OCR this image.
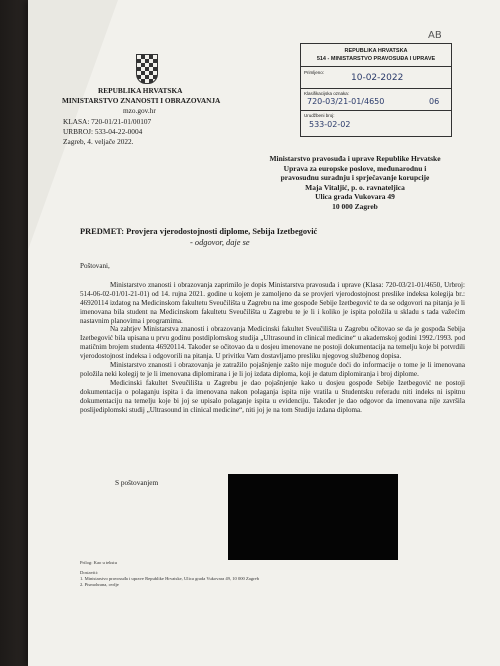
REPUBLIKA HRVATSKA
MINISTARSTVO ZNANOSTI I OBRAZOVANJA
mzo.gov.hr
KLASA: 720-01/21-01/00107
URBROJ: 533-04-22-0004
Zagreb, 4. veljače 2022.
AB
REPUBLIKA HRVATSKA
514 - MINISTARSTVO PRAVOSUĐA I UPRAVE
Primljeno:
10-02-2022
Klasifikacijska oznaka:
720-03/21-01/4650	06
Urudžbeni broj:
533-02-02
Ministarstvo pravosuđa i uprave Republike Hrvatske
Uprava za europske poslove, međunarodnu i
pravosudnu suradnju i sprječavanje korupcije
Maja Vitaljić, p. o. ravnateljica
Ulica grada Vukovara 49
10 000 Zagreb
PREDMET: Provjera vjerodostojnosti diplome, Sebija Izetbegović
- odgovor, daje se

Poštovani,

Ministarstvo znanosti i obrazovanja zaprimilo je dopis Ministarstva pravosuđa i uprave (Klasa: 720-03/21-01/4650, Urbroj: 514-06-02-01/01-21-01) od 14. rujna 2021. godine u kojem je zamoljeno da se provjeri vjerodostojnost preslike indeksa kolegija br.: 46920114 izdatog na Medicinskom fakultetu Sveučilišta u Zagrebu na ime gospođe Sebije Izetbegović te da se odgovori na pitanja je li imenovana bila student na Medicinskom fakultetu Sveučilišta u Zagrebu te je li i koliko je ispita položila u skladu s tada važećim nastavnim planovima i programima.

Na zahtjev Ministarstva znanosti i obrazovanja Medicinski fakultet Sveučilišta u Zagrebu očitovao se da je gospođa Sebija Izetbegović bila upisana u prvu godinu postdiplomskog studija „Ultrasound in clinical medicine“ u akademskoj godini 1992./1993. pod matičnim brojem studenta 46920114. Također se očitovao da u dosjeu imenovane ne postoji dokumentacija na temelju koje bi potvrdili vjerodostojnost indeksa i odgovorili na pitanja. U privitku Vam dostavljamo presliku njegovog službenog dopisa.

Ministarstvo znanosti i obrazovanja je zatražilo pojašnjenje zašto nije moguće doći do informacije o tome je li imenovana položila neki kolegij te je li imenovana diplomirana i je li joj izdata diploma, koji je datum diplomiranja i broj diplome.

Medicinski fakultet Sveučilišta u Zagrebu je dao pojašnjenje kako u dosjeu gospođe Sebije Izetbegović ne postoji dokumentacija o polaganju ispita i da imenovana nakon polaganja ispita nije vratila u Studentsku referadu niti indeks ni ispitnu dokumentaciju na temelju koje bi joj se upisalo polaganje ispita u evidenciju. Također je dao odgovor da imenovana nije završila poslijediplomski studij „Ultrasound in clinical medicine“, niti joj je na tom Studiju izdana diploma.

S poštovanjem
Prilog: Kao u tekstu
Dostaviti:
1. Ministarstvo pravosuđa i uprave Republike Hrvatske, Ulica grada Vukovara 49, 10 000 Zagreb
2. Pismohrana, ovdje
